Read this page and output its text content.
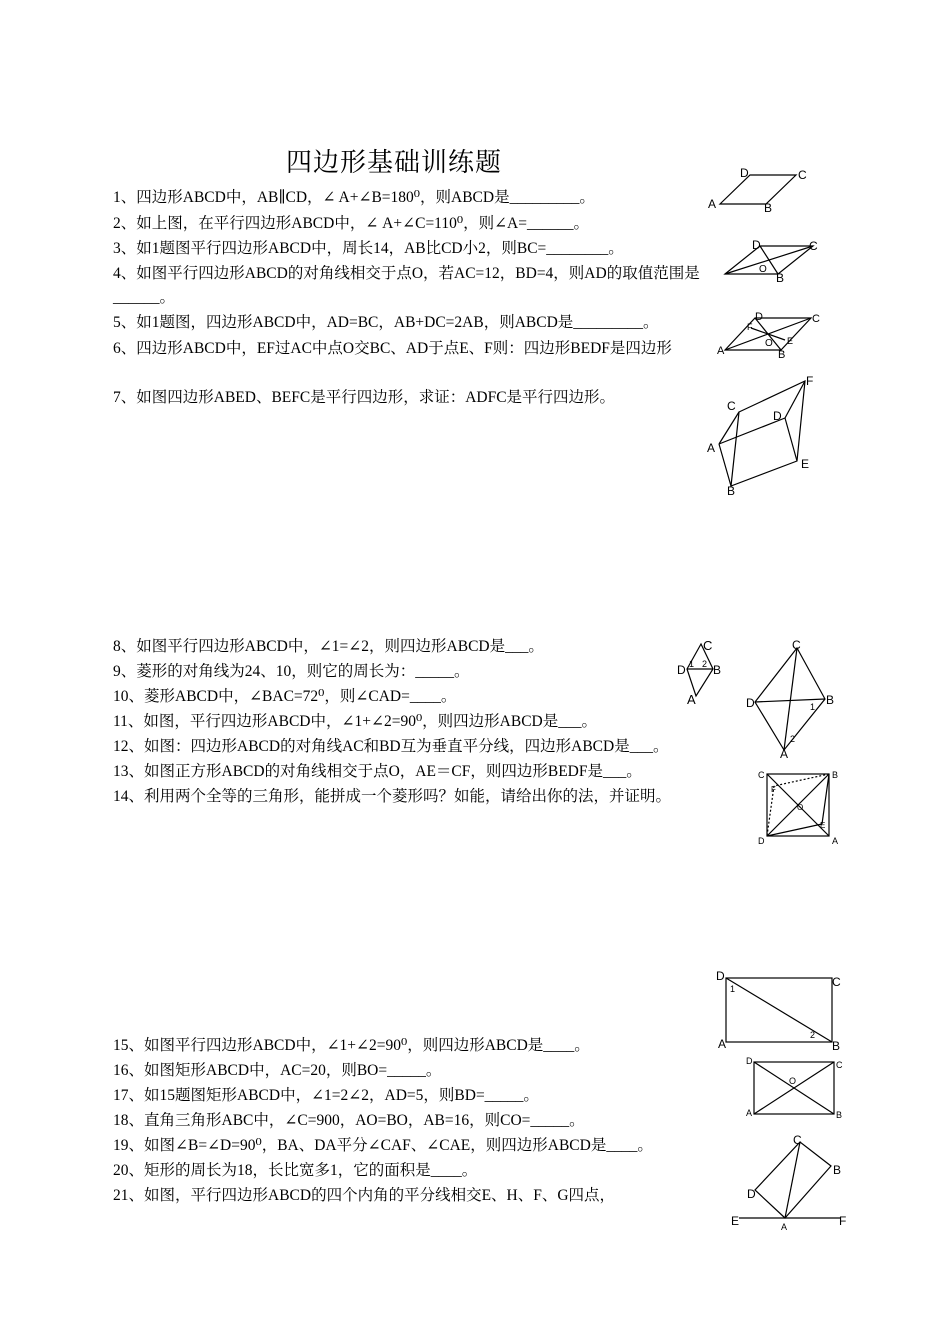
四边形基础训练题
1、四边形ABCD中，AB∥CD，∠ A+∠B=180⁰，则ABCD是_________。
2、如上图，在平行四边形ABCD中，∠ A+∠C=110⁰，则∠A=______。
3、如1题图平行四边形ABCD中，周长14，AB比CD小2，则BC=________。
4、如图平行四边形ABCD的对角线相交于点O，若AC=12，BD=4，则AD的取值范围是______。
5、如1题图，四边形ABCD中，AD=BC，AB+DC=2AB，则ABCD是_________。
6、四边形ABCD中，EF过AC中点O交BC、AD于点E、F则：四边形BEDF是四边形
7、如图四边形ABED、BEFC是平行四边形，求证：ADFC是平行四边形。
8、如图平行四边形ABCD中，∠1=∠2，则四边形ABCD是___。
9、菱形的对角线为24、10，则它的周长为：_____。
10、菱形ABCD中，∠BAC=72⁰，则∠CAD=____。
11、如图，平行四边形ABCD中，∠1+∠2=90⁰，则四边形ABCD是___。
12、如图：四边形ABCD的对角线AC和BD互为垂直平分线，四边形ABCD是___。
13、如图正方形ABCD的对角线相交于点O，AE＝CF，则四边形BEDF是___。
14、利用两个全等的三角形，能拼成一个菱形吗？如能，请给出你的法，并证明。
15、如图平行四边形ABCD中，∠1+∠2=90⁰，则四边形ABCD是____。
16、如图矩形ABCD中，AC=20，则BO=_____。
17、如15题图矩形ABCD中，∠1=2∠2，AD=5，则BD=_____。
18、直角三角形ABC中，∠C=900，AO=BO，AB=16，则CO=_____。
19、如图∠B=∠D=90⁰，BA、DA平分∠CAF、∠CAE，则四边形ABCD是____。
20、矩形的周长为18，长比宽多1，它的面积是____。
21、如图，平行四边形ABCD的四个内角的平分线相交E、H、F、G四点，
D	C
A	B
D	C
O
B
D	C
F
O E
A	B
C
F
D
A
E
B
C
D 1 2 B
A
C
B
D	1
2
A
C	B
F
O
E
D	A
D	C
1
2
A	B
D	C
O
A	B
C
B
D
E	A	F
